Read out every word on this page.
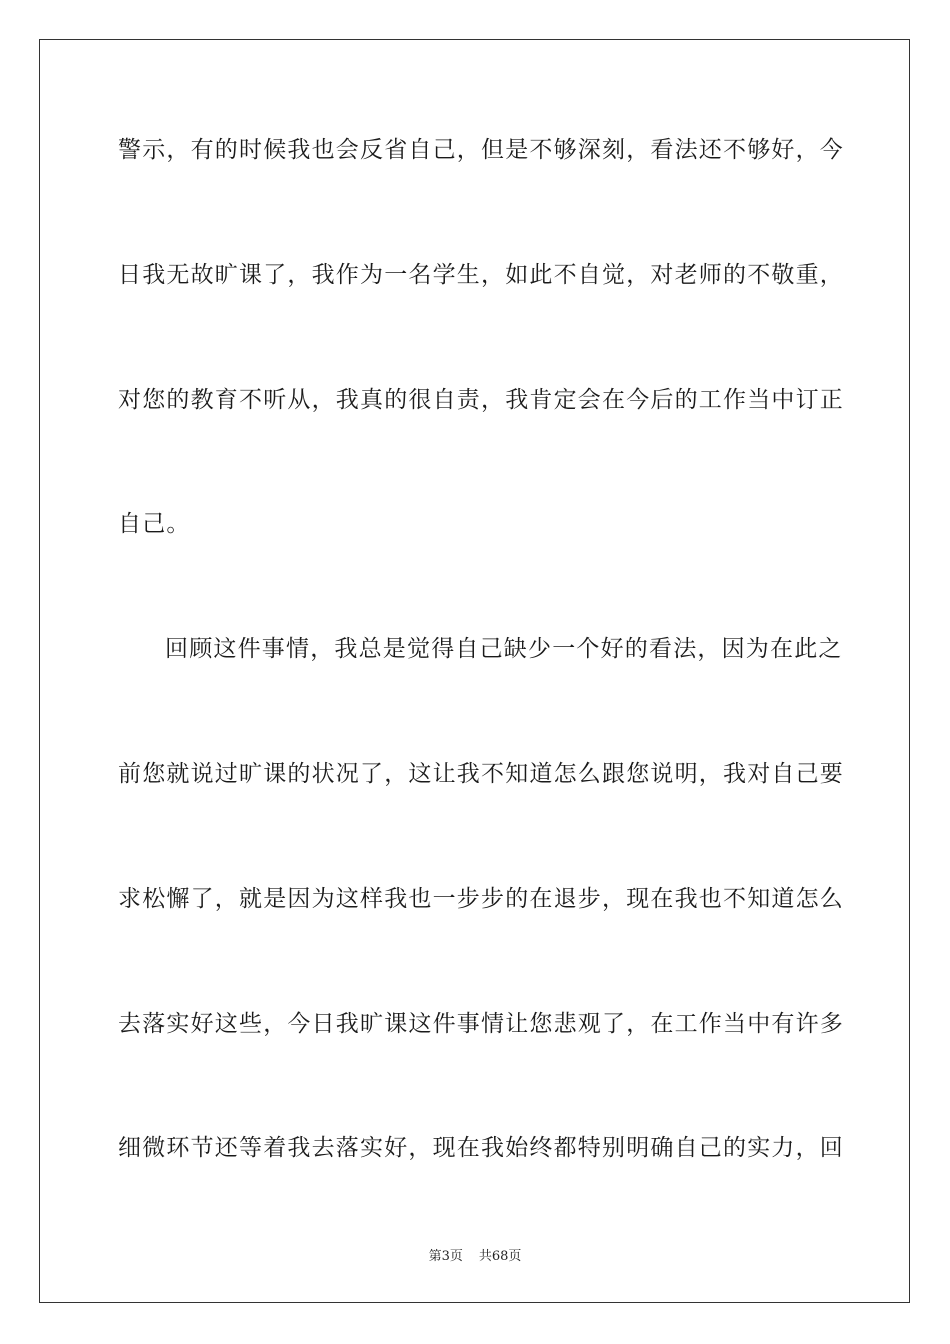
警示，有的时候我也会反省自己，但是不够深刻，看法还不够好，今
日我无故旷课了，我作为一名学生，如此不自觉，对老师的不敬重，
对您的教育不听从，我真的很自责，我肯定会在今后的工作当中订正
自己。
回顾这件事情，我总是觉得自己缺少一个好的看法，因为在此之
前您就说过旷课的状况了，这让我不知道怎么跟您说明，我对自己要
求松懈了，就是因为这样我也一步步的在退步，现在我也不知道怎么
去落实好这些，今日我旷课这件事情让您悲观了，在工作当中有许多
细微环节还等着我去落实好，现在我始终都特别明确自己的实力，回
第3页 共68页
